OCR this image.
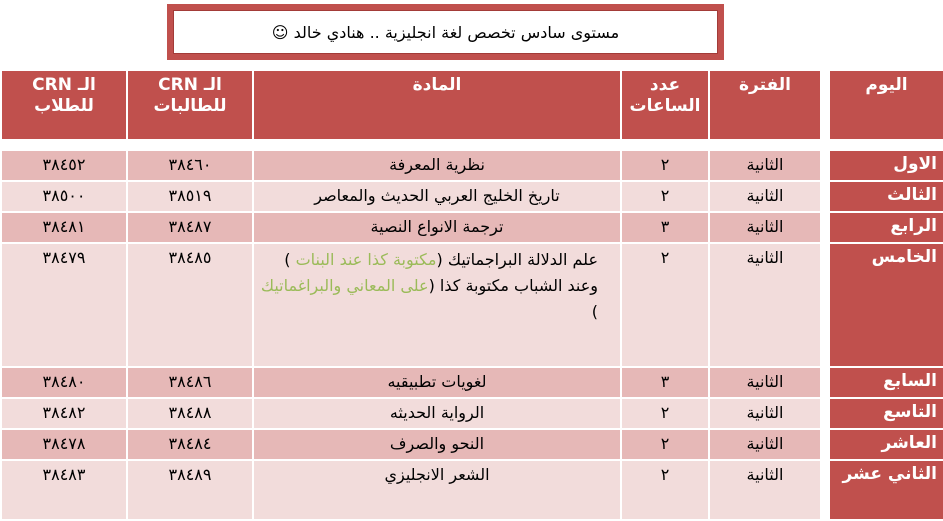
مستوى سادس تخصص لغة انجليزية .. هنادي خالد ☺
اليوم		الفترة	عدد الساعات	المادة	الـ CRN للطالبات	الـ CRN للطلاب

الاول		الثانية	٢	نظرية المعرفة	٣٨٤٦٠	٣٨٤٥٢
الثالث		الثانية	٢	تاريخ الخليج العربي الحديث والمعاصر	٣٨٥١٩	٣٨٥٠٠
الرابع		الثانية	٣	ترجمة الانواع النصية	٣٨٤٨٧	٣٨٤٨١
الخامس		الثانية	٢	علم الدلالة البراجماتيك (مكتوبة كذا عند البنات )
وعند الشباب مكتوبة كذا (على المعاني والبراغماتيك )	٣٨٤٨٥	٣٨٤٧٩
السابع		الثانية	٣	لغويات تطبيقيه	٣٨٤٨٦	٣٨٤٨٠
التاسع		الثانية	٢	الرواية الحديثه	٣٨٤٨٨	٣٨٤٨٢
العاشر		الثانية	٢	النحو والصرف	٣٨٤٨٤	٣٨٤٧٨
الثاني عشر		الثانية	٢	الشعر الانجليزي	٣٨٤٨٩	٣٨٤٨٣
